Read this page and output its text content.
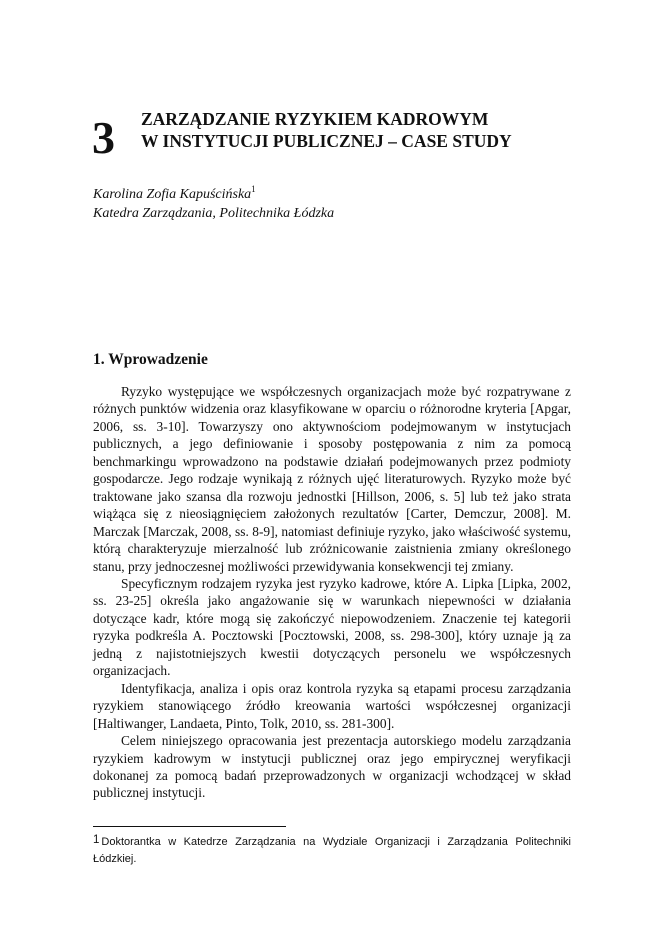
3 ZARZĄDZANIE RYZYKIEM KADROWYM
W INSTYTUCJI PUBLICZNEJ – CASE STUDY
Karolina Zofia Kapuścińska$^1$
Katedra Zarządzania, Politechnika Łódzka
1. Wprowadzenie

Ryzyko występujące we współczesnych organizacjach może być rozpatrywane z różnych punktów widzenia oraz klasyfikowane w oparciu o różnorodne kryteria [Apgar, 2006, ss. 3-10]. Towarzyszy ono aktywnościom podejmowanym w instytucjach publicznych, a jego definiowanie i sposoby postępowania z nim za pomocą benchmarkingu wprowadzono na podstawie działań podejmowanych przez podmioty gospodarcze. Jego rodzaje wynikają z różnych ujęć literaturowych. Ryzyko może być traktowane jako szansa dla rozwoju jednostki [Hillson, 2006, s. 5] lub też jako strata wiążąca się z nieosiągnięciem założonych rezultatów [Carter, Demczur, 2008]. M. Marczak [Marczak, 2008, ss. 8-9], natomiast definiuje ryzyko, jako właściwość systemu, którą charakteryzuje mierzalność lub zróżnicowanie zaistnienia zmiany określonego stanu, przy jednoczesnej możliwości przewidywania konsekwencji tej zmiany.

Specyficznym rodzajem ryzyka jest ryzyko kadrowe, które A. Lipka [Lipka, 2002, ss. 23-25] określa jako angażowanie się w warunkach niepewności w działania dotyczące kadr, które mogą się zakończyć niepowodzeniem. Znaczenie tej kategorii ryzyka podkreśla A. Pocztowski [Pocztowski, 2008, ss. 298-300], który uznaje ją za jedną z najistotniejszych kwestii dotyczących personelu we współczesnych organizacjach.

Identyfikacja, analiza i opis oraz kontrola ryzyka są etapami procesu zarządzania ryzykiem stanowiącego źródło kreowania wartości współczesnej organizacji [Haltiwanger, Landaeta, Pinto, Tolk, 2010, ss. 281-300].

Celem niniejszego opracowania jest prezentacja autorskiego modelu zarządzania ryzykiem kadrowym w instytucji publicznej oraz jego empirycznej weryfikacji dokonanej za pomocą badań przeprowadzonych w organizacji wchodzącej w skład publicznej instytucji.

1 Doktorantka w Katedrze Zarządzania na Wydziale Organizacji i Zarządzania Politechniki Łódzkiej.
